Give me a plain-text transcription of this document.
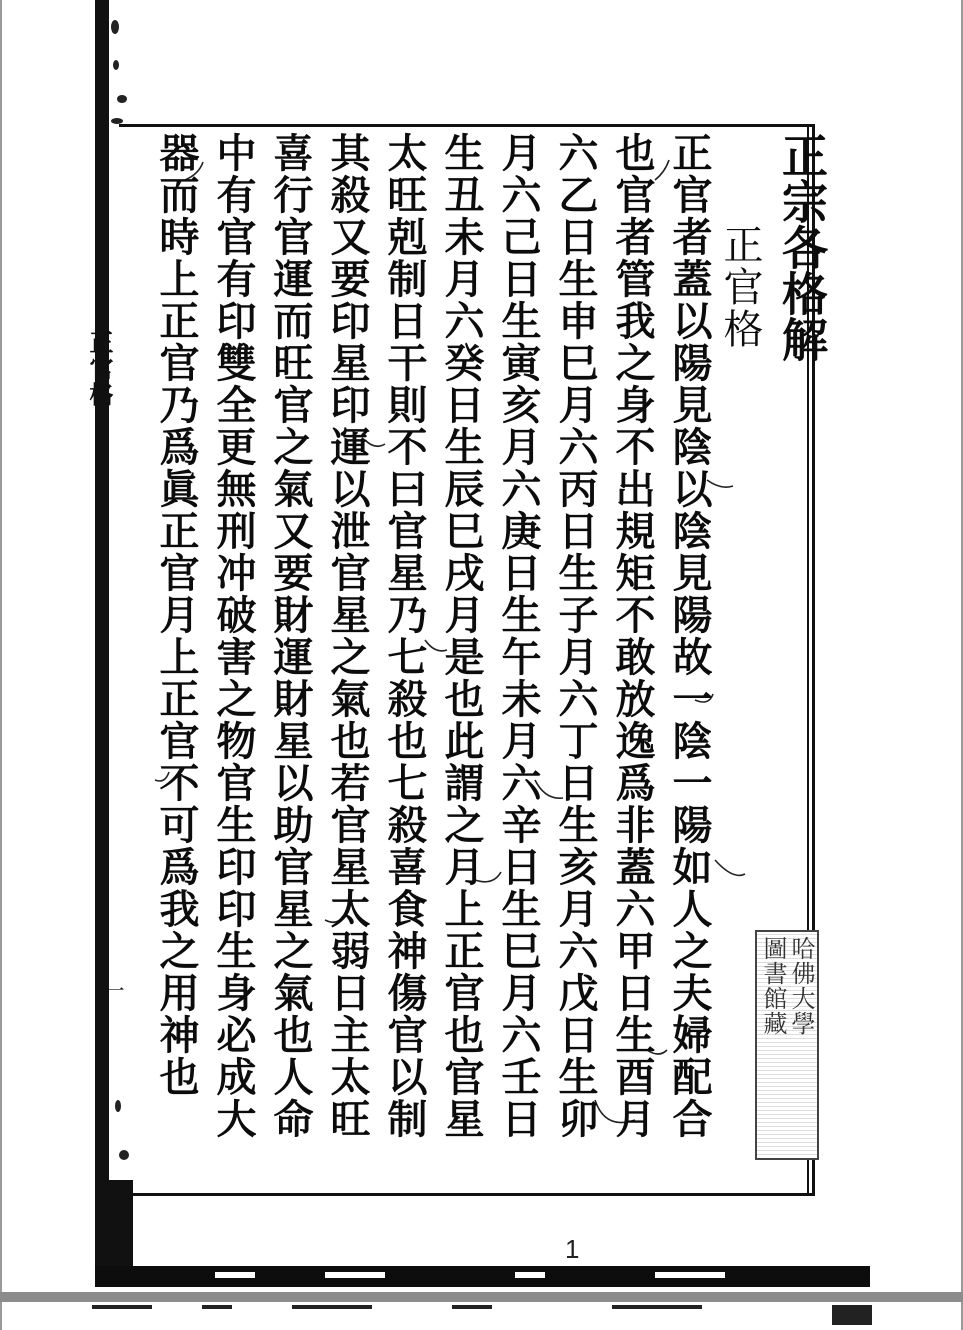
正官格
一	哈佛大學
圖書館藏
1
正宗各格解
正官格
正官者蓋以陽見陰以陰見陽故一陰一陽如人之夫婦配合
也官者管我之身不出規矩不敢放逸爲非蓋六甲日生酉月
六乙日生申巳月六丙日生子月六丁日生亥月六戊日生卯
月六己日生寅亥月六庚日生午未月六辛日生巳月六壬日
生丑未月六癸日生辰巳戌月是也此謂之月上正官也官星
太旺剋制日干則不曰官星乃七殺也七殺喜食神傷官以制
其殺又要印星印運以泄官星之氣也若官星太弱日主太旺
喜行官運而旺官之氣又要財運財星以助官星之氣也人命
中有官有印雙全更無刑冲破害之物官生印印生身必成大
器而時上正官乃爲眞正官月上正官不可爲我之用神也
